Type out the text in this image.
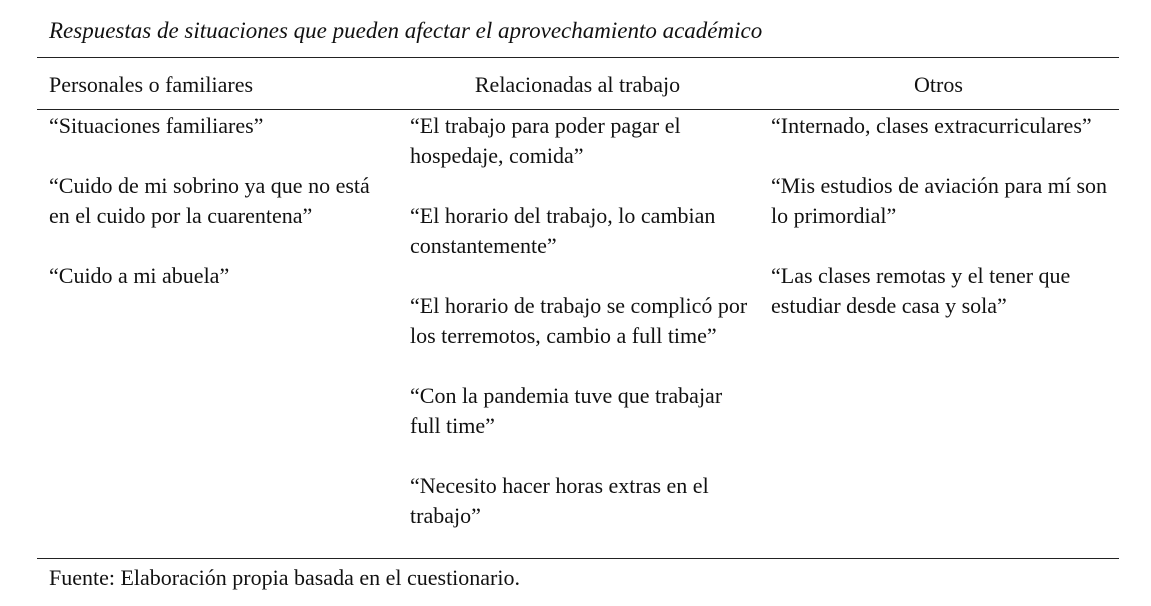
Respuestas de situaciones que pueden afectar el aprovechamiento académico
Personales o familiares	Relacionadas al trabajo	Otros

“Situaciones familiares”

“Cuido de mi sobrino ya que no está en el cuido por la cuarentena”

“Cuido a mi abuela”

“El trabajo para poder pagar el hospedaje, comida”

“El horario del trabajo, lo cambian constantemente”

“El horario de trabajo se complicó por los terremotos, cambio a full time”

“Con la pandemia tuve que trabajar full time”

“Necesito hacer horas extras en el trabajo”

“Internado, clases extracurriculares”

“Mis estudios de aviación para mí son lo primordial”

“Las clases remotas y el tener que estudiar desde casa y sola”

Fuente: Elaboración propia basada en el cuestionario.
